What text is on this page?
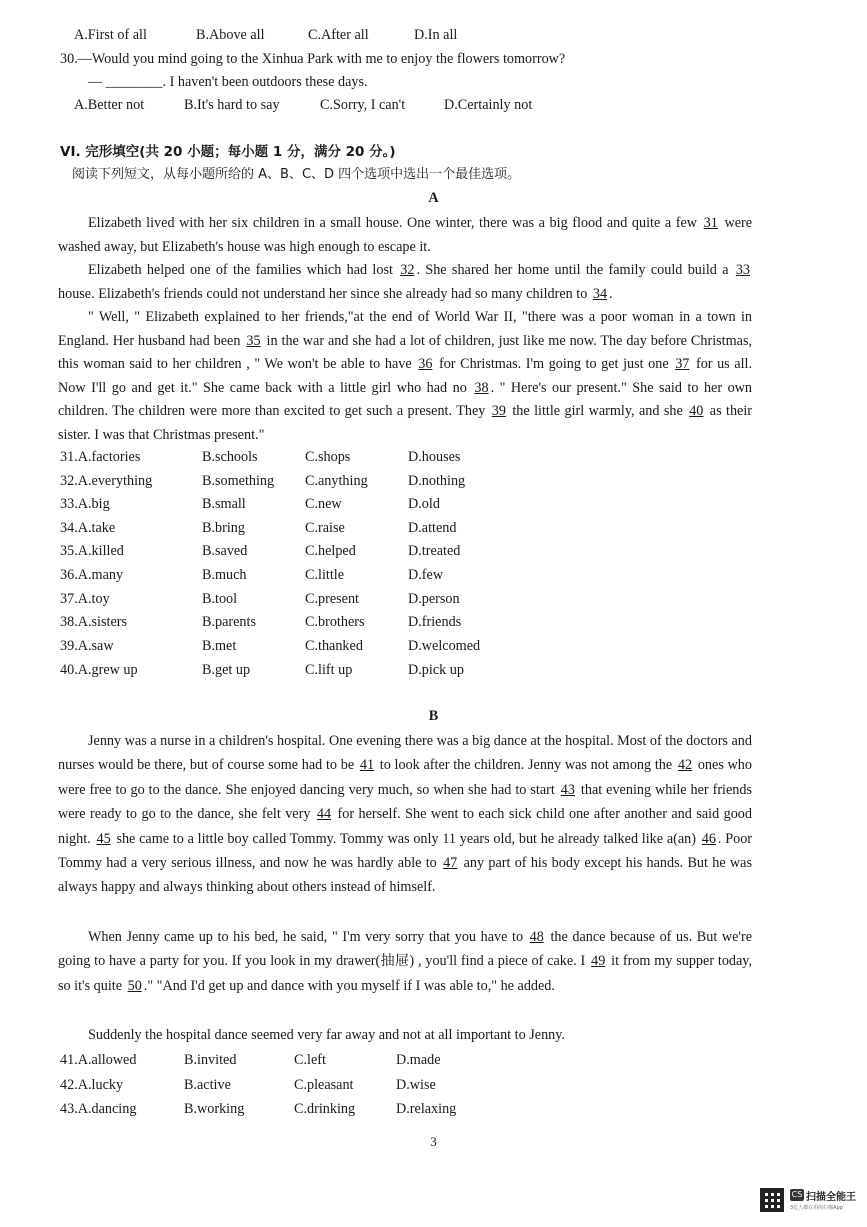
A.First of all	B.Above all	C.After all	D.In all
30.—Would you mind going to the Xinhua Park with me to enjoy the flowers tomorrow?
— ________. I haven't been outdoors these days.
A.Better not	B.It's hard to say	C.Sorry, I can't	D.Certainly not
VI. 完形填空(共 20 小题；每小题 1 分，满分 20 分。)
阅读下列短文，从每小题所给的 A、B、C、D 四个选项中选出一个最佳选项。
A
Elizabeth lived with her six children in a small house. One winter, there was a big flood and quite a few 31 were washed away, but Elizabeth's house was high enough to escape it.
Elizabeth helped one of the families which had lost 32 . She shared her home until the family could build a 33 house. Elizabeth's friends could not understand her since she already had so many children to 34 .
" Well, " Elizabeth explained to her friends,"at the end of World War II, "there was a poor woman in a town in England. Her husband had been 35 in the war and she had a lot of children, just like me now. The day before Christmas, this woman said to her children , " We won't be able to have 36 for Christmas. I'm going to get just one 37 for us all. Now I'll go and get it." She came back with a little girl who had no 38 . " Here's our present." She said to her own children. The children were more than excited to get such a present. They 39 the little girl warmly, and she 40 as their sister. I was that Christmas present."
31.A.factories	B.schools	C.shops	D.houses
32.A.everything	B.something C.anything	D.nothing
33.A.big	B.small	C.new	D.old
34.A.take	B.bring	C.raise	D.attend
35.A.killed	B.saved	C.helped	D.treated
36.A.many	B.much	C.little	D.few
37.A.toy	B.tool	C.present	D.person
38.A.sisters	B.parents	C.brothers	D.friends
39.A.saw	B.met	C.thanked	D.welcomed
40.A.grew up	B.get up	C.lift up	D.pick up
B
Jenny was a nurse in a children's hospital. One evening there was a big dance at the hospital. Most of the doctors and nurses would be there, but of course some had to be 41 to look after the children. Jenny was not among the 42 ones who were free to go to the dance. She enjoyed dancing very much, so when she had to start 43 that evening while her friends were ready to go to the dance, she felt very 44 for herself. She went to each sick child one after another and said good night. 45 she came to a little boy called Tommy. Tommy was only 11 years old, but he already talked like a(an) 46 . Poor Tommy had a very serious illness, and now he was hardly able to 47 any part of his body except his hands. But he was always happy and always thinking about others instead of himself.
When Jenny came up to his bed, he said, " I'm very sorry that you have to 48 the dance because of us. But we're going to have a party for you. If you look in my drawer(抽屉) , you'll find a piece of cake. I 49 it from my supper today, so it's quite 50 ." "And I'd get up and dance with you myself if I was able to," he added.
Suddenly the hospital dance seemed very far away and not at all important to Jenny.
41.A.allowed	B.invited	C.left	D.made
42.A.lucky	B.active	C.pleasant	D.wise
43.A.dancing	B.working	C.drinking	D.relaxing
3
CS 扫描全能王
3亿人都在用的扫描App
